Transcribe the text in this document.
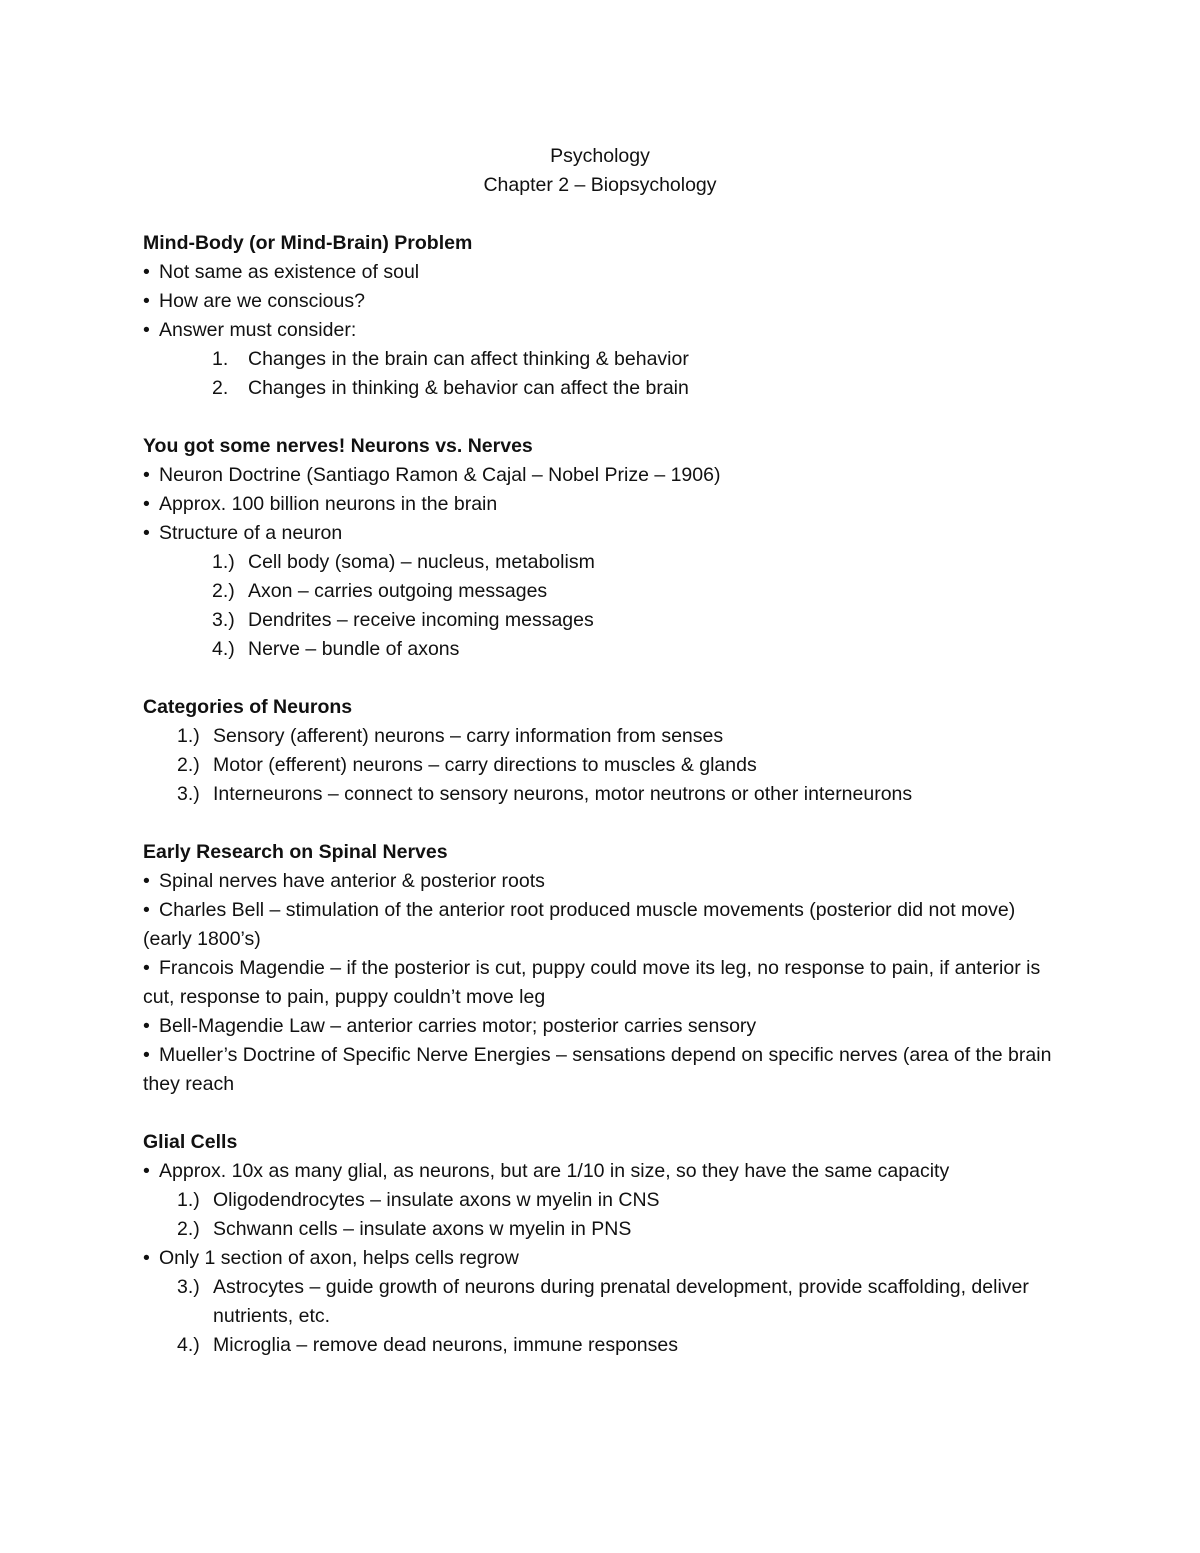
Psychology
Chapter 2 – Biopsychology
Mind-Body (or Mind-Brain) Problem
• Not same as existence of soul
• How are we conscious?
• Answer must consider:
1.	Changes in the brain can affect thinking & behavior
2.	Changes in thinking & behavior can affect the brain
You got some nerves! Neurons vs. Nerves
• Neuron Doctrine (Santiago Ramon & Cajal – Nobel Prize – 1906)
• Approx. 100 billion neurons in the brain
• Structure of a neuron
1.) Cell body (soma) – nucleus, metabolism
2.) Axon – carries outgoing messages
3.) Dendrites – receive incoming messages
4.) Nerve – bundle of axons
Categories of Neurons
1.) Sensory (afferent) neurons – carry information from senses
2.) Motor (efferent) neurons – carry directions to muscles & glands
3.) Interneurons – connect to sensory neurons, motor neutrons or other interneurons
Early Research on Spinal Nerves
• Spinal nerves have anterior & posterior roots
• Charles Bell – stimulation of the anterior root produced muscle movements (posterior did not move) (early 1800’s)
• Francois Magendie – if the posterior is cut, puppy could move its leg, no response to pain, if anterior is cut, response to pain, puppy couldn’t move leg
• Bell-Magendie Law – anterior carries motor; posterior carries sensory
• Mueller’s Doctrine of Specific Nerve Energies – sensations depend on specific nerves (area of the brain they reach
Glial Cells
• Approx. 10x as many glial, as neurons, but are 1/10 in size, so they have the same capacity
1.) Oligodendrocytes – insulate axons w myelin in CNS
2.) Schwann cells – insulate axons w myelin in PNS
• Only 1 section of axon, helps cells regrow
3.) Astrocytes – guide growth of neurons during prenatal development, provide scaffolding, deliver nutrients, etc.
4.) Microglia – remove dead neurons, immune responses
